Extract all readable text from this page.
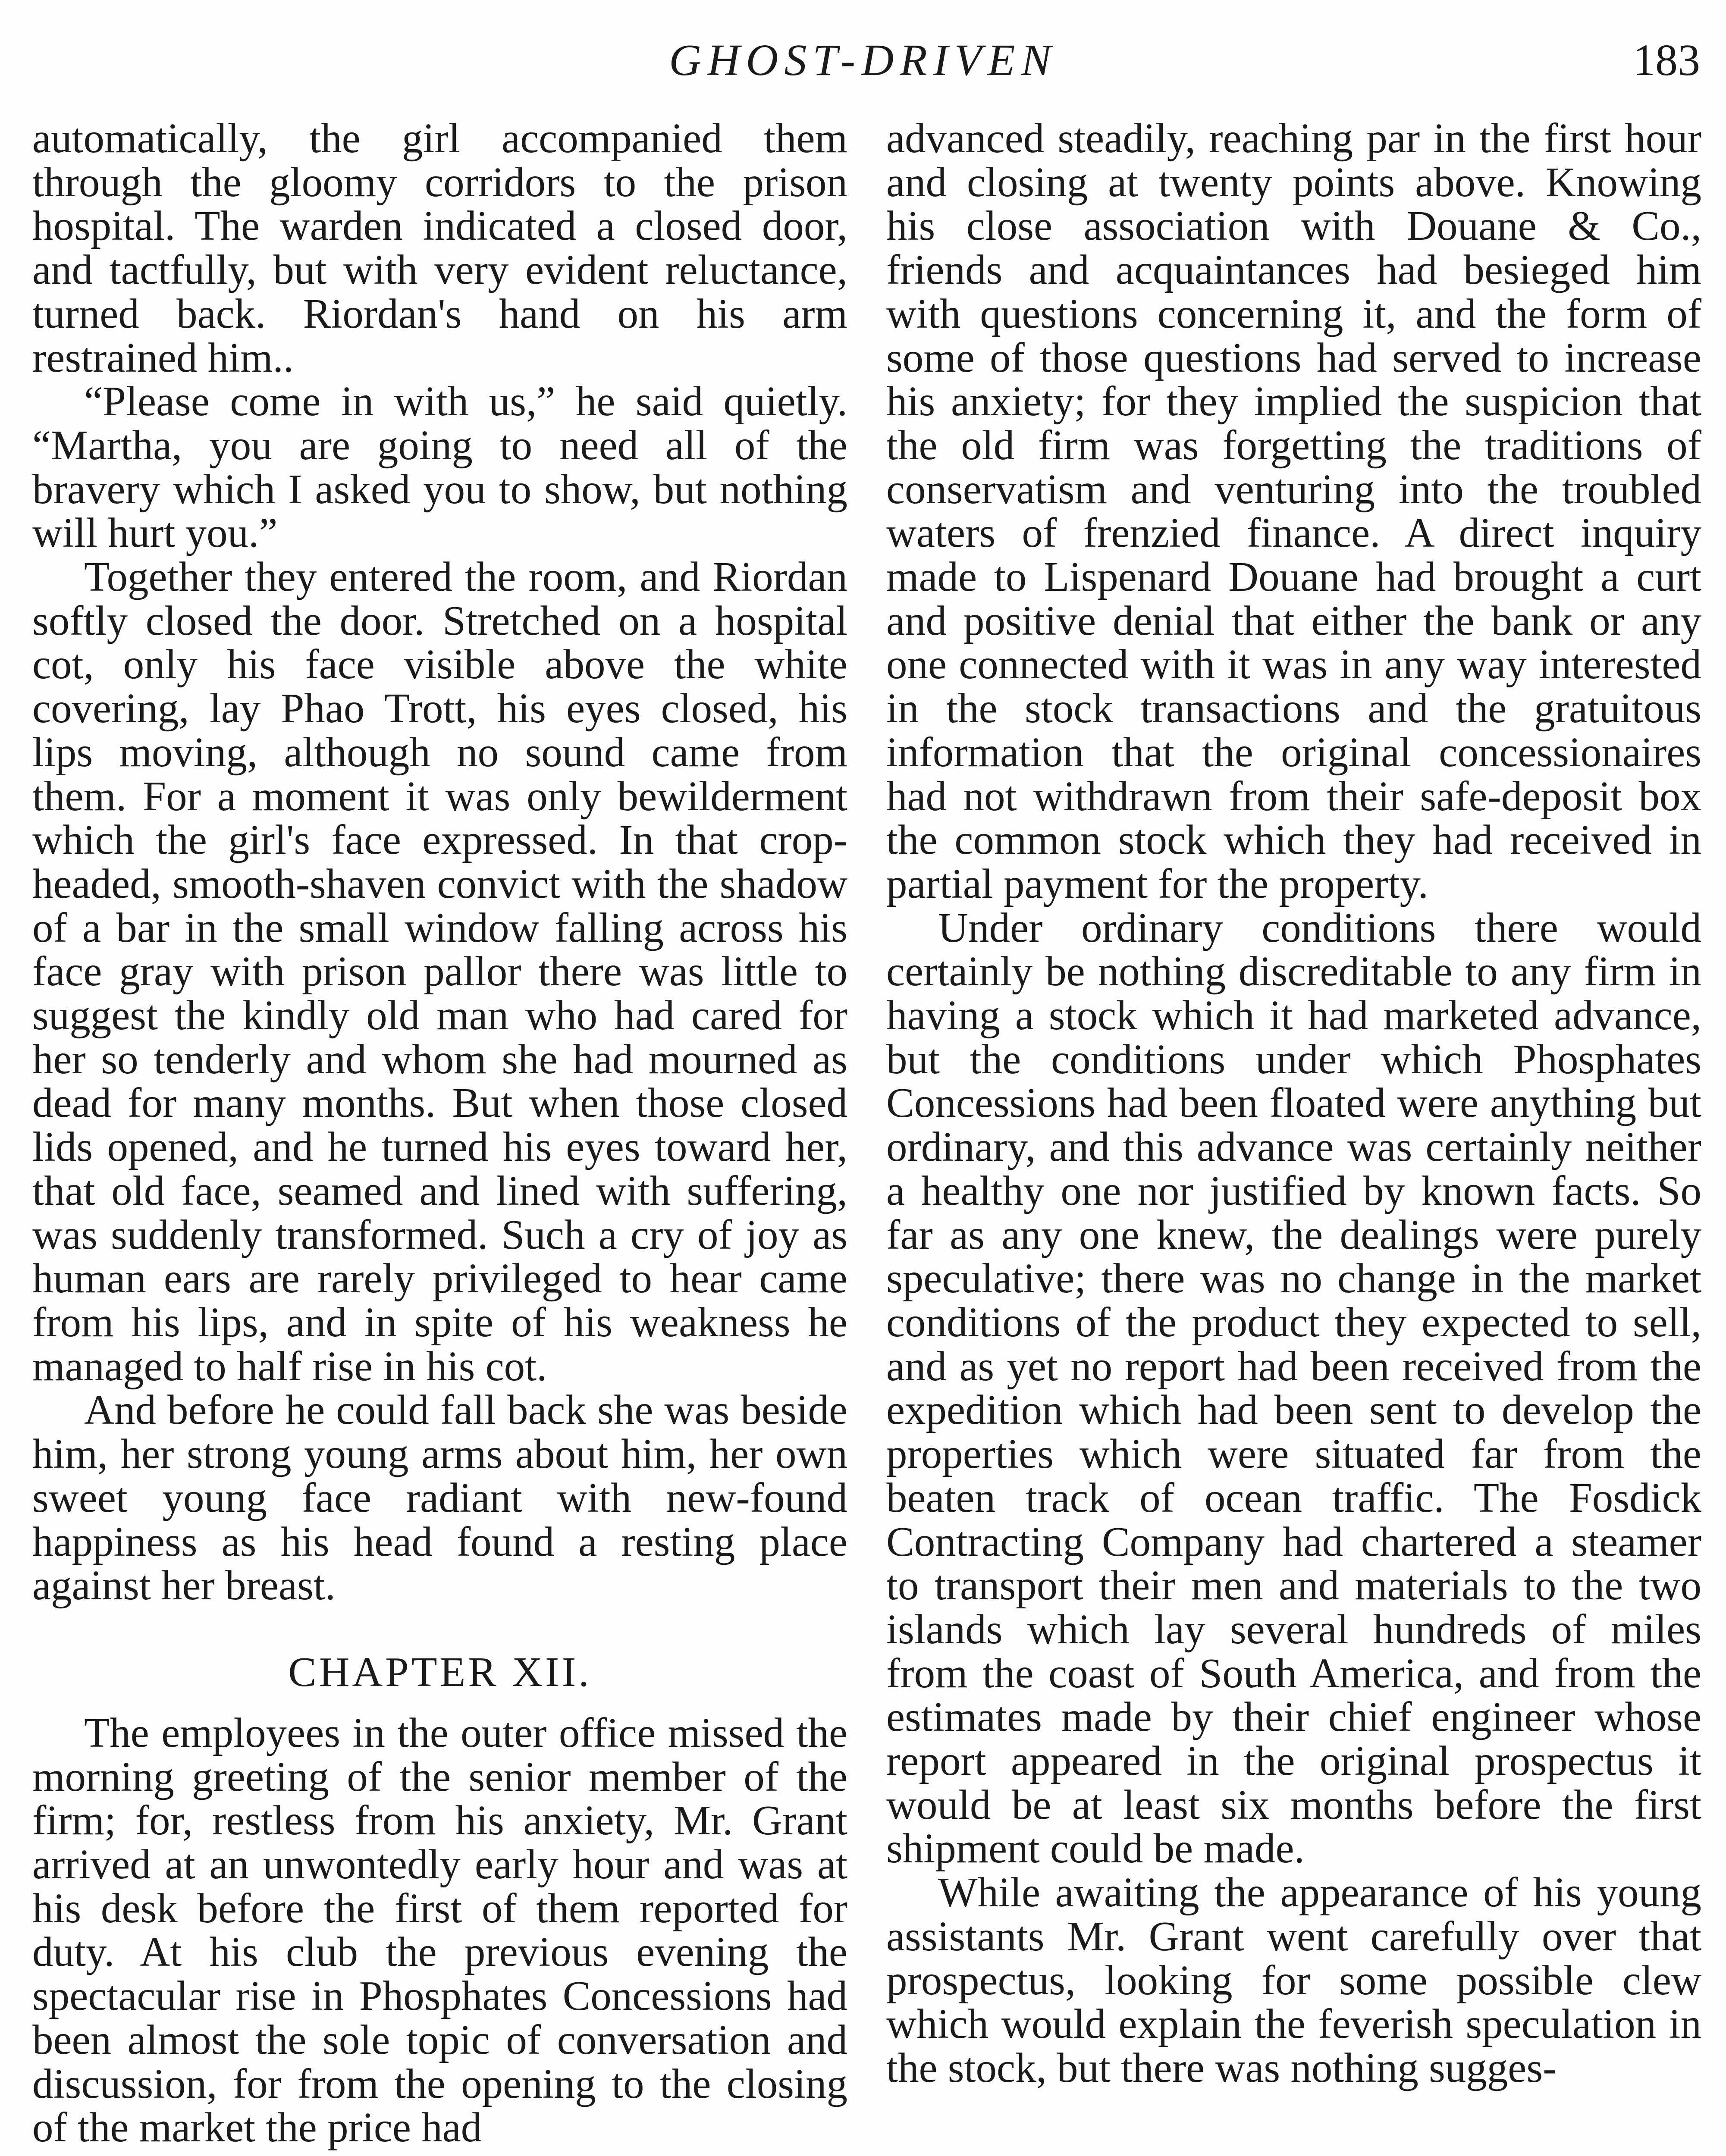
GHOST-DRIVEN	183

automatically, the girl accompanied them through the gloomy corridors to the prison hospital. The warden indicated a closed door, and tactfully, but with very evident reluctance, turned back. Riordan's hand on his arm restrained him..

“Please come in with us,” he said quietly. “Martha, you are going to need all of the bravery which I asked you to show, but nothing will hurt you.”

Together they entered the room, and Riordan softly closed the door. Stretched on a hospital cot, only his face visible above the white covering, lay Phao Trott, his eyes closed, his lips moving, although no sound came from them. For a moment it was only bewilderment which the girl's face expressed. In that crop-headed, smooth-shaven convict with the shadow of a bar in the small window falling across his face gray with prison pallor there was little to suggest the kindly old man who had cared for her so tenderly and whom she had mourned as dead for many months. But when those closed lids opened, and he turned his eyes toward her, that old face, seamed and lined with suffering, was suddenly transformed. Such a cry of joy as human ears are rarely privileged to hear came from his lips, and in spite of his weakness he managed to half rise in his cot.

And before he could fall back she was beside him, her strong young arms about him, her own sweet young face radiant with new-found happiness as his head found a resting place against her breast.

CHAPTER XII.

The employees in the outer office missed the morning greeting of the senior member of the firm; for, restless from his anxiety, Mr. Grant arrived at an unwontedly early hour and was at his desk before the first of them reported for duty. At his club the previous evening the spectacular rise in Phosphates Concessions had been almost the sole topic of conversation and discussion, for from the opening to the closing of the market the price had

advanced steadily, reaching par in the first hour and closing at twenty points above. Knowing his close association with Douane & Co., friends and acquaintances had besieged him with questions concerning it, and the form of some of those questions had served to increase his anxiety; for they implied the suspicion that the old firm was forgetting the traditions of conservatism and venturing into the troubled waters of frenzied finance. A direct inquiry made to Lispenard Douane had brought a curt and positive denial that either the bank or any one connected with it was in any way interested in the stock transactions and the gratuitous information that the original concessionaires had not withdrawn from their safe-deposit box the common stock which they had received in partial payment for the property.

Under ordinary conditions there would certainly be nothing discreditable to any firm in having a stock which it had marketed advance, but the conditions under which Phosphates Concessions had been floated were anything but ordinary, and this advance was certainly neither a healthy one nor justified by known facts. So far as any one knew, the dealings were purely speculative; there was no change in the market conditions of the product they expected to sell, and as yet no report had been received from the expedition which had been sent to develop the properties which were situated far from the beaten track of ocean traffic. The Fosdick Contracting Company had chartered a steamer to transport their men and materials to the two islands which lay several hundreds of miles from the coast of South America, and from the estimates made by their chief engineer whose report appeared in the original prospectus it would be at least six months before the first shipment could be made.

While awaiting the appearance of his young assistants Mr. Grant went carefully over that prospectus, looking for some possible clew which would explain the feverish speculation in the stock, but there was nothing sugges-
